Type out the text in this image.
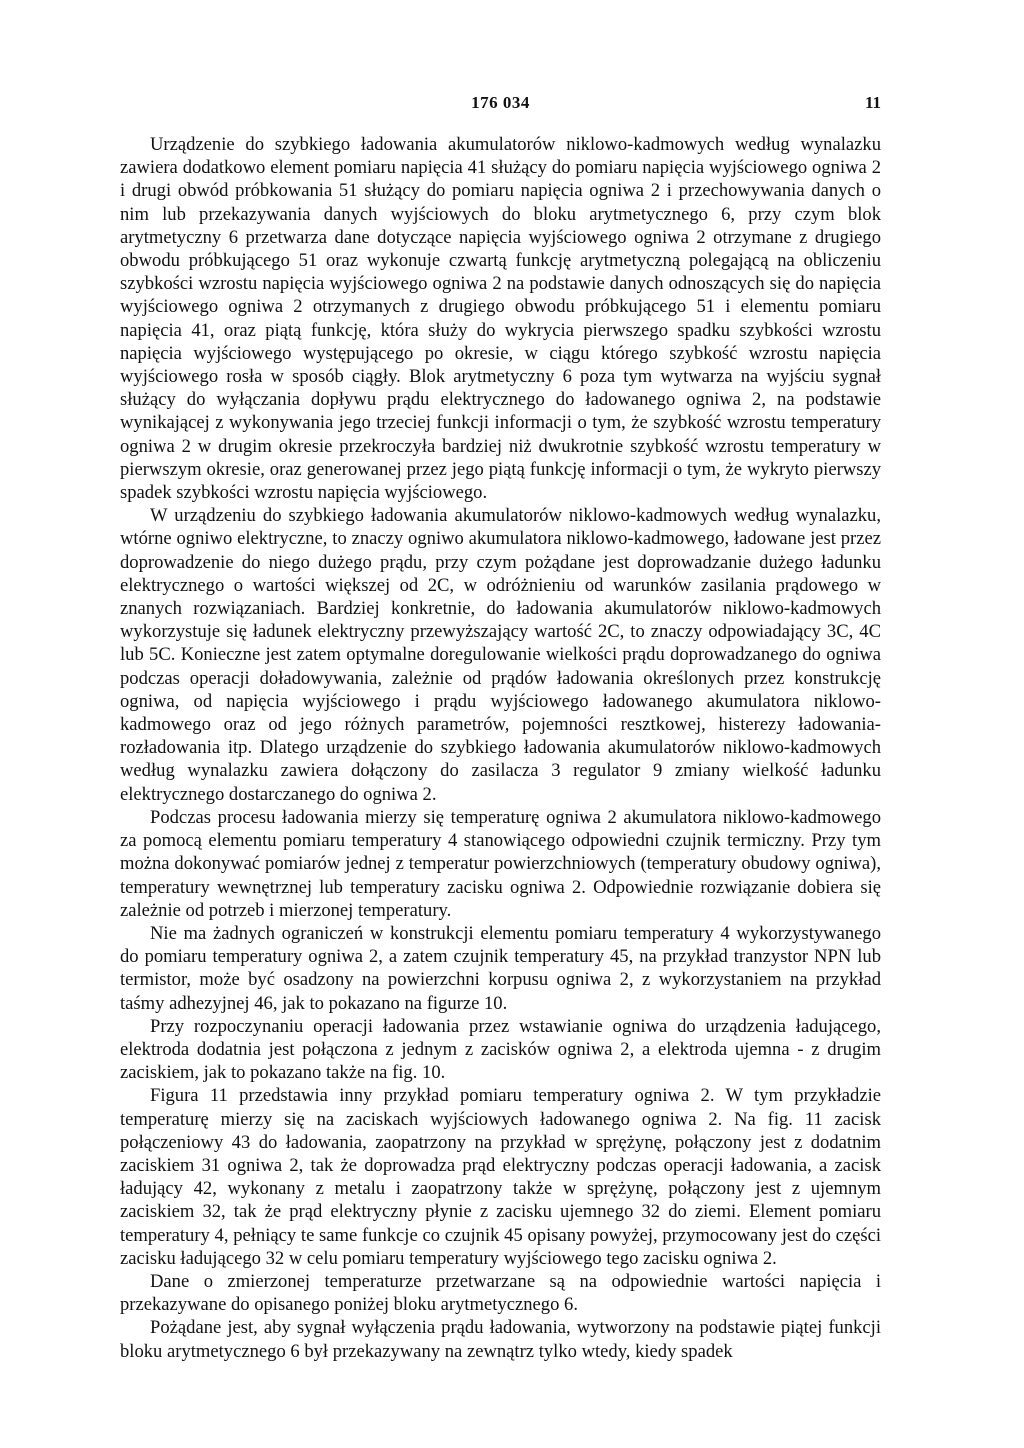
176 034	11

Urządzenie do szybkiego ładowania akumulatorów niklowo-kadmowych według wynalazku zawiera dodatkowo element pomiaru napięcia 41 służący do pomiaru napięcia wyjściowego ogniwa 2 i drugi obwód próbkowania 51 służący do pomiaru napięcia ogniwa 2 i przechowywania danych o nim lub przekazywania danych wyjściowych do bloku arytmetycznego 6, przy czym blok arytmetyczny 6 przetwarza dane dotyczące napięcia wyjściowego ogniwa 2 otrzymane z drugiego obwodu próbkującego 51 oraz wykonuje czwartą funkcję arytmetyczną polegającą na obliczeniu szybkości wzrostu napięcia wyjściowego ogniwa 2 na podstawie danych odnoszących się do napięcia wyjściowego ogniwa 2 otrzymanych z drugiego obwodu próbkującego 51 i elementu pomiaru napięcia 41, oraz piątą funkcję, która służy do wykrycia pierwszego spadku szybkości wzrostu napięcia wyjściowego występującego po okresie, w ciągu którego szybkość wzrostu napięcia wyjściowego rosła w sposób ciągły. Blok arytmetyczny 6 poza tym wytwarza na wyjściu sygnał służący do wyłączania dopływu prądu elektrycznego do ładowanego ogniwa 2, na podstawie wynikającej z wykonywania jego trzeciej funkcji informacji o tym, że szybkość wzrostu temperatury ogniwa 2 w drugim okresie przekroczyła bardziej niż dwukrotnie szybkość wzrostu temperatury w pierwszym okresie, oraz generowanej przez jego piątą funkcję informacji o tym, że wykryto pierwszy spadek szybkości wzrostu napięcia wyjściowego.

W urządzeniu do szybkiego ładowania akumulatorów niklowo-kadmowych według wynalazku, wtórne ogniwo elektryczne, to znaczy ogniwo akumulatora niklowo-kadmowego, ładowane jest przez doprowadzenie do niego dużego prądu, przy czym pożądane jest doprowadzanie dużego ładunku elektrycznego o wartości większej od 2C, w odróżnieniu od warunków zasilania prądowego w znanych rozwiązaniach. Bardziej konkretnie, do ładowania akumulatorów niklowo-kadmowych wykorzystuje się ładunek elektryczny przewyższający wartość 2C, to znaczy odpowiadający 3C, 4C lub 5C. Konieczne jest zatem optymalne doregulowanie wielkości prądu doprowadzanego do ogniwa podczas operacji doładowywania, zależnie od prądów ładowania określonych przez konstrukcję ogniwa, od napięcia wyjściowego i prądu wyjściowego ładowanego akumulatora niklowo-kadmowego oraz od jego różnych parametrów, pojemności resztkowej, histerezy ładowania- rozładowania itp. Dlatego urządzenie do szybkiego ładowania akumulatorów niklowo-kadmowych według wynalazku zawiera dołączony do zasilacza 3 regulator 9 zmiany wielkość ładunku elektrycznego dostarczanego do ogniwa 2.

Podczas procesu ładowania mierzy się temperaturę ogniwa 2 akumulatora niklowo-kadmowego za pomocą elementu pomiaru temperatury 4 stanowiącego odpowiedni czujnik termiczny. Przy tym można dokonywać pomiarów jednej z temperatur powierzchniowych (temperatury obudowy ogniwa), temperatury wewnętrznej lub temperatury zacisku ogniwa 2. Odpowiednie rozwiązanie dobiera się zależnie od potrzeb i mierzonej temperatury.

Nie ma żadnych ograniczeń w konstrukcji elementu pomiaru temperatury 4 wykorzystywanego do pomiaru temperatury ogniwa 2, a zatem czujnik temperatury 45, na przykład tranzystor NPN lub termistor, może być osadzony na powierzchni korpusu ogniwa 2, z wykorzystaniem na przykład taśmy adhezyjnej 46, jak to pokazano na figurze 10.

Przy rozpoczynaniu operacji ładowania przez wstawianie ogniwa do urządzenia ładującego, elektroda dodatnia jest połączona z jednym z zacisków ogniwa 2, a elektroda ujemna - z drugim zaciskiem, jak to pokazano także na fig. 10.

Figura 11 przedstawia inny przykład pomiaru temperatury ogniwa 2. W tym przykładzie temperaturę mierzy się na zaciskach wyjściowych ładowanego ogniwa 2. Na fig. 11 zacisk połączeniowy 43 do ładowania, zaopatrzony na przykład w sprężynę, połączony jest z dodatnim zaciskiem 31 ogniwa 2, tak że doprowadza prąd elektryczny podczas operacji ładowania, a zacisk ładujący 42, wykonany z metalu i zaopatrzony także w sprężynę, połączony jest z ujemnym zaciskiem 32, tak że prąd elektryczny płynie z zacisku ujemnego 32 do ziemi. Element pomiaru temperatury 4, pełniący te same funkcje co czujnik 45 opisany powyżej, przymocowany jest do części zacisku ładującego 32 w celu pomiaru temperatury wyjściowego tego zacisku ogniwa 2.

Dane o zmierzonej temperaturze przetwarzane są na odpowiednie wartości napięcia i przekazywane do opisanego poniżej bloku arytmetycznego 6.

Pożądane jest, aby sygnał wyłączenia prądu ładowania, wytworzony na podstawie piątej funkcji bloku arytmetycznego 6 był przekazywany na zewnątrz tylko wtedy, kiedy spadek
